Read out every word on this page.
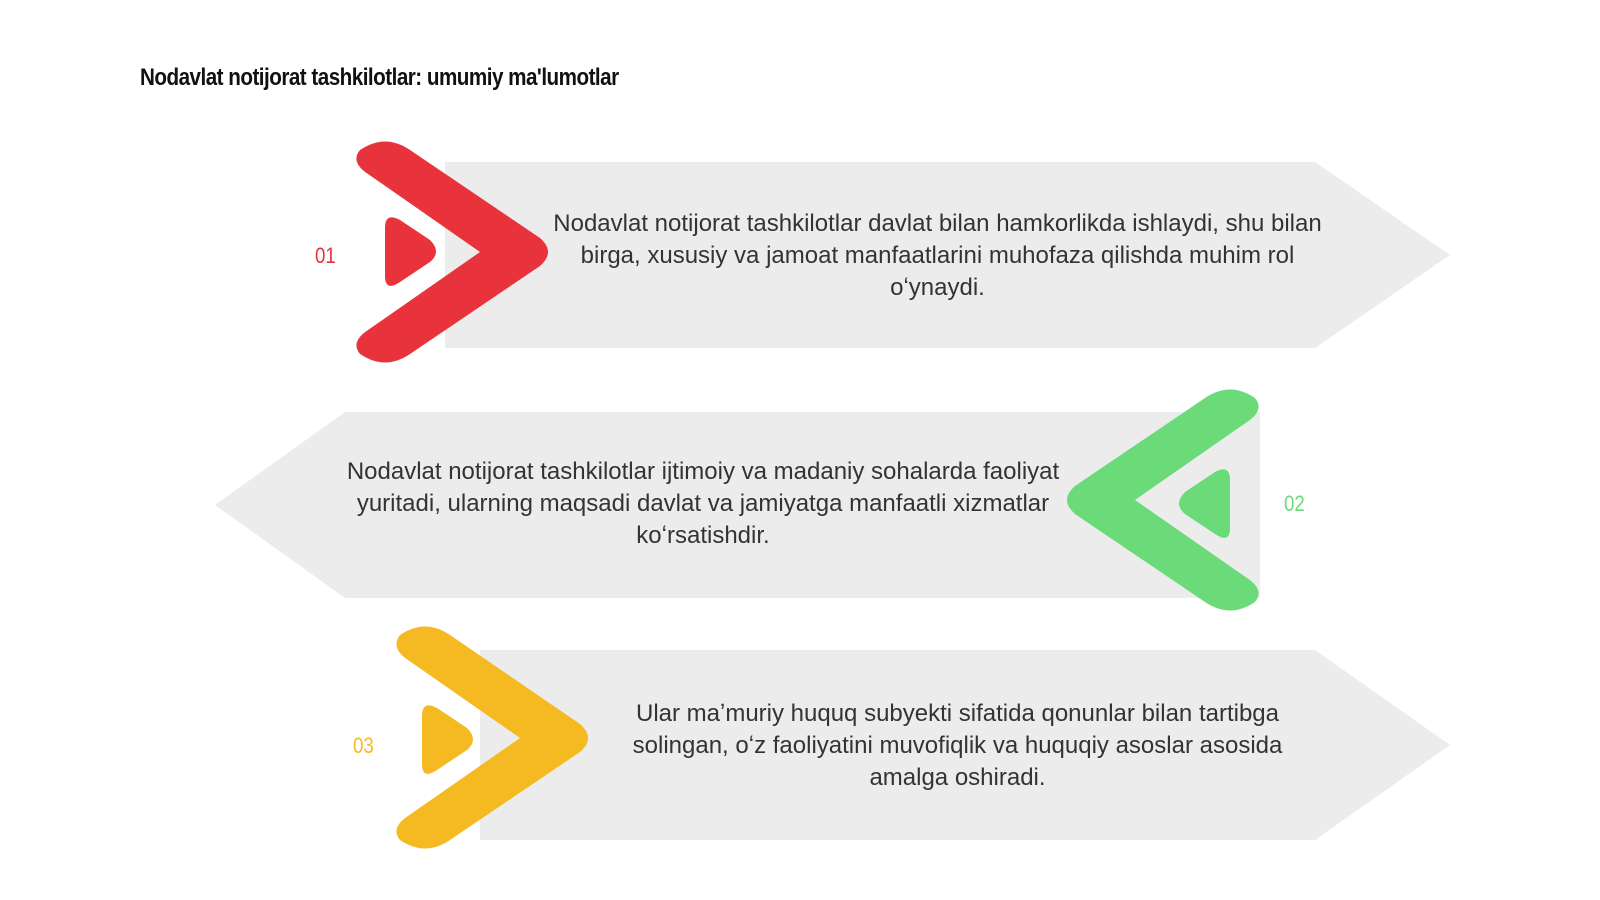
Nodavlat notijorat tashkilotlar: umumiy ma'lumotlar
01
Nodavlat notijorat tashkilotlar davlat bilan hamkorlikda ishlaydi, shu bilan birga, xususiy va jamoat manfaatlarini muhofaza qilishda muhim rol oʻynaydi.
02
Nodavlat notijorat tashkilotlar ijtimoiy va madaniy sohalarda faoliyat yuritadi, ularning maqsadi davlat va jamiyatga manfaatli xizmatlar koʻrsatishdir.
03
Ular maʼmuriy huquq subyekti sifatida qonunlar bilan tartibga solingan, oʻz faoliyatini muvofiqlik va huquqiy asoslar asosida amalga oshiradi.
